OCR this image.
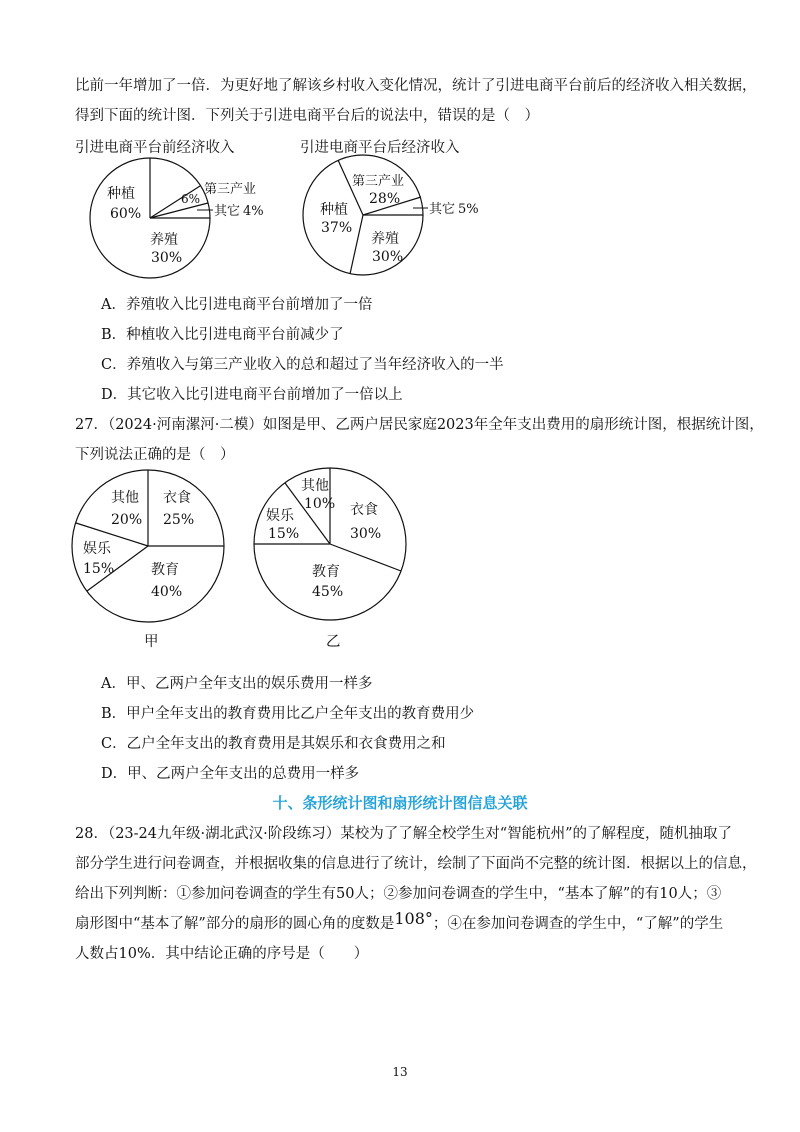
比前一年增加了一倍．为更好地了解该乡村收入变化情况，统计了引进电商平台前后的经济收入相关数据，
得到下面的统计图．下列关于引进电商平台后的说法中，错误的是（　）
引进电商平台前经济收入	引进电商平台后经济收入
种植
60%
第三产业
6%
其它 4%
养殖
30%
第三产业
28%
其它 5%
养殖
30%
种植
37%
A．养殖收入比引进电商平台前增加了一倍
B．种植收入比引进电商平台前减少了
C．养殖收入与第三产业收入的总和超过了当年经济收入的一半
D．其它收入比引进电商平台前增加了一倍以上
27．（2024·河南漯河·二模）如图是甲、乙两户居民家庭2023年全年支出费用的扇形统计图，根据统计图，
下列说法正确的是（　）
衣食
25%
教育
40%
娱乐
15%
其他
20%
甲
衣食
30%
教育
45%
娱乐
15%
其他
10%
乙
A．甲、乙两户全年支出的娱乐费用一样多
B．甲户全年支出的教育费用比乙户全年支出的教育费用少
C．乙户全年支出的教育费用是其娱乐和衣食费用之和
D．甲、乙两户全年支出的总费用一样多
十、条形统计图和扇形统计图信息关联
28．（23-24九年级·湖北武汉·阶段练习）某校为了了解全校学生对“智能杭州”的了解程度，随机抽取了
部分学生进行问卷调查，并根据收集的信息进行了统计，绘制了下面尚不完整的统计图．根据以上的信息，
给出下列判断：①参加问卷调查的学生有50人；②参加问卷调查的学生中，“基本了解”的有10人；③
扇形图中“基本了解”部分的扇形的圆心角的度数是108°；④在参加问卷调查的学生中，“了解”的学生
人数占10%．其中结论正确的序号是（　　）
13
